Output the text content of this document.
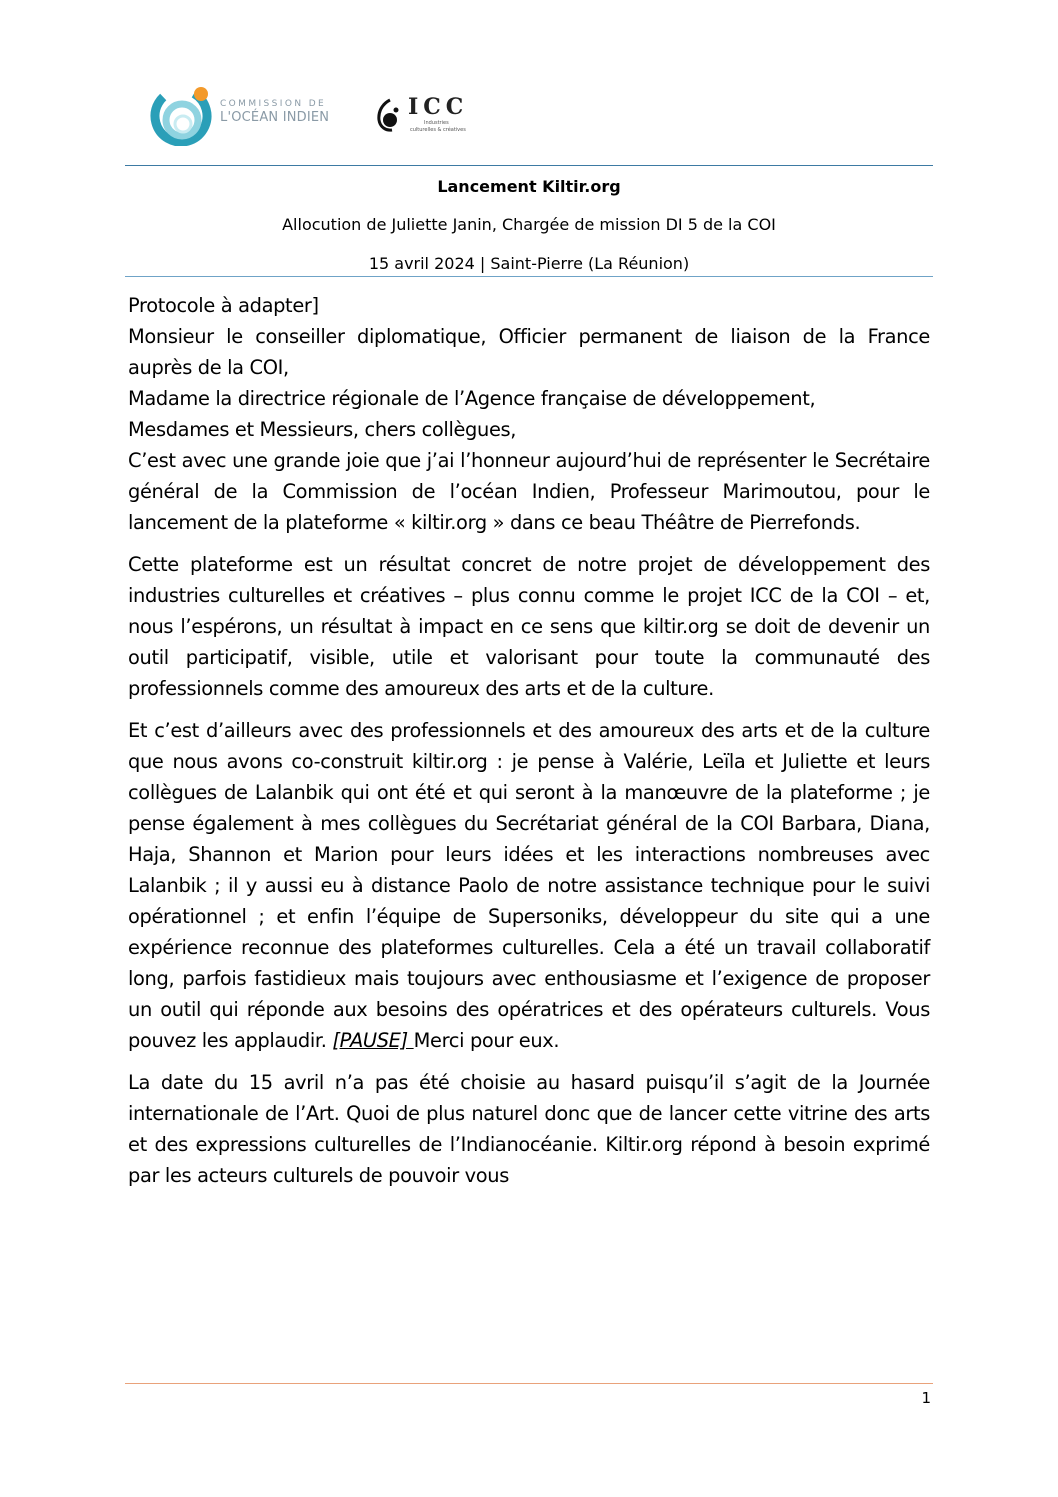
COMMISSION DE
L'OCÉAN INDIEN	ICC
Industries
culturelles & créatives
Lancement Kiltir.org
Allocution de Juliette Janin, Chargée de mission DI 5 de la COI
15 avril 2024 | Saint-Pierre (La Réunion)

Protocole à adapter]

Monsieur le conseiller diplomatique, Officier permanent de liaison de la France auprès de la COI,

Madame la directrice régionale de l’Agence française de développement,

Mesdames et Messieurs, chers collègues,

C’est avec une grande joie que j’ai l’honneur aujourd’hui de représenter le Secrétaire général de la Commission de l’océan Indien, Professeur Marimoutou, pour le lancement de la plateforme « kiltir.org » dans ce beau Théâtre de Pierrefonds.

Cette plateforme est un résultat concret de notre projet de développement des industries culturelles et créatives – plus connu comme le projet ICC de la COI – et, nous l’espérons, un résultat à impact en ce sens que kiltir.org se doit de devenir un outil participatif, visible, utile et valorisant pour toute la communauté des professionnels comme des amoureux des arts et de la culture.

Et c’est d’ailleurs avec des professionnels et des amoureux des arts et de la culture que nous avons co-construit kiltir.org : je pense à Valérie, Leïla et Juliette et leurs collègues de Lalanbik qui ont été et qui seront à la manœuvre de la plateforme ; je pense également à mes collègues du Secrétariat général de la COI Barbara, Diana, Haja, Shannon et Marion pour leurs idées et les interactions nombreuses avec Lalanbik ; il y aussi eu à distance Paolo de notre assistance technique pour le suivi opérationnel ; et enfin l’équipe de Supersoniks, développeur du site qui a une expérience reconnue des plateformes culturelles. Cela a été un travail collaboratif long, parfois fastidieux mais toujours avec enthousiasme et l’exigence de proposer un outil qui réponde aux besoins des opératrices et des opérateurs culturels. Vous pouvez les applaudir. [PAUSE] Merci pour eux.

La date du 15 avril n’a pas été choisie au hasard puisqu’il s’agit de la Journée internationale de l’Art. Quoi de plus naturel donc que de lancer cette vitrine des arts et des expressions culturelles de l’Indianocéanie. Kiltir.org répond à besoin exprimé par les acteurs culturels de pouvoir vous

1
